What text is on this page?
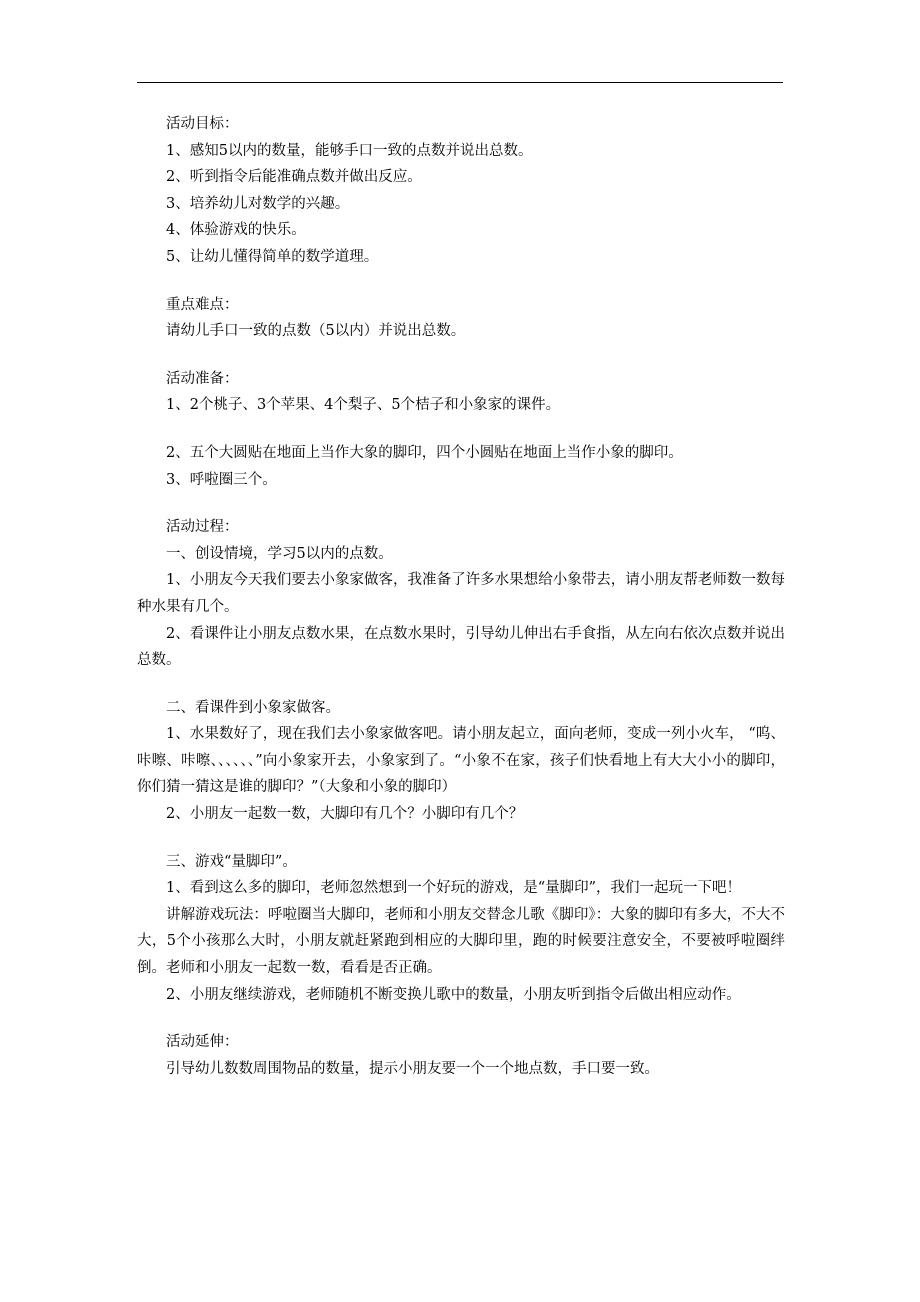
活动目标：
1、感知5以内的数量，能够手口一致的点数并说出总数。
2、听到指令后能准确点数并做出反应。
3、培养幼儿对数学的兴趣。
4、体验游戏的快乐。
5、让幼儿懂得简单的数学道理。
重点难点：
请幼儿手口一致的点数（5以内）并说出总数。
活动准备：
1、2个桃子、3个苹果、4个梨子、5个桔子和小象家的课件。
2、五个大圆贴在地面上当作大象的脚印，四个小圆贴在地面上当作小象的脚印。
3、呼啦圈三个。
活动过程：
一、创设情境，学习5以内的点数。
1、小朋友今天我们要去小象家做客，我准备了许多水果想给小象带去，请小朋友帮老师数一数每种水果有几个。
2、看课件让小朋友点数水果，在点数水果时，引导幼儿伸出右手食指，从左向右依次点数并说出总数。
二、看课件到小象家做客。
1、水果数好了，现在我们去小象家做客吧。请小朋友起立，面向老师，变成一列小火车， “呜、咔嚓、咔嚓、、、、、、”向小象家开去，小象家到了。“小象不在家，孩子们快看地上有大大小小的脚印，你们猜一猜这是谁的脚印？”（大象和小象的脚印）
2、小朋友一起数一数，大脚印有几个？小脚印有几个？
三、游戏“量脚印”。
1、看到这么多的脚印，老师忽然想到一个好玩的游戏，是“量脚印”，我们一起玩一下吧！
讲解游戏玩法：呼啦圈当大脚印，老师和小朋友交替念儿歌《脚印》：大象的脚印有多大，不大不大，5个小孩那么大时，小朋友就赶紧跑到相应的大脚印里，跑的时候要注意安全，不要被呼啦圈绊倒。老师和小朋友一起数一数，看看是否正确。
2、小朋友继续游戏，老师随机不断变换儿歌中的数量，小朋友听到指令后做出相应动作。
活动延伸：
引导幼儿数数周围物品的数量，提示小朋友要一个一个地点数，手口要一致。
